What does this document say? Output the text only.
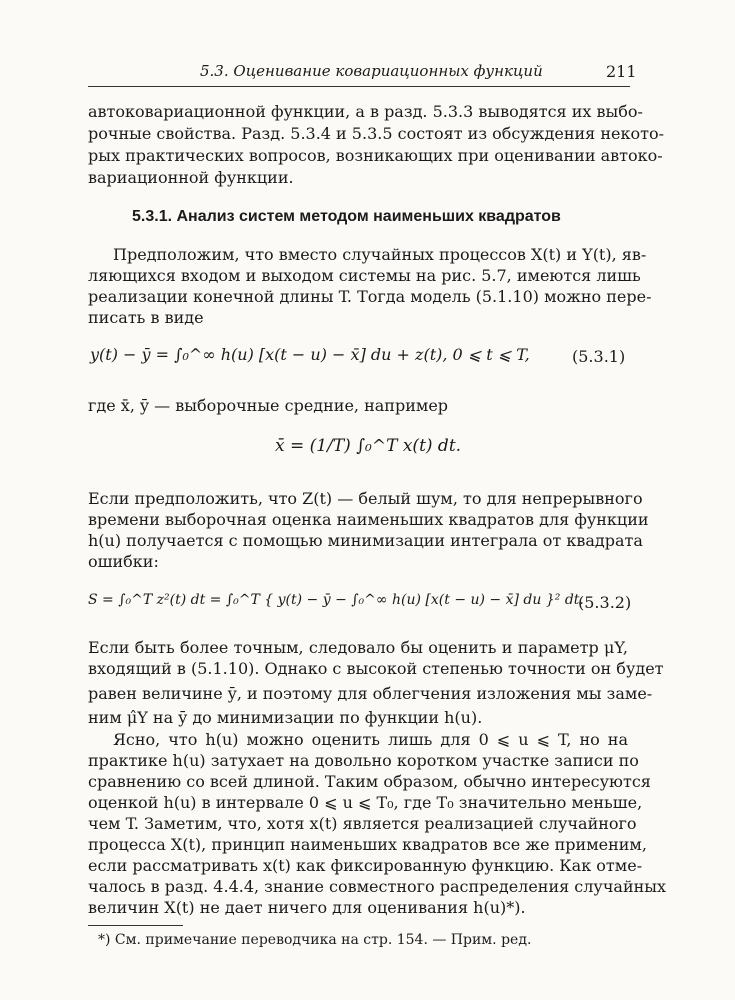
5.3. Оценивание ковариационных функций	211
автоковариационной функции, а в разд. 5.3.3 выводятся их выбо-
рочные свойства. Разд. 5.3.4 и 5.3.5 состоят из обсуждения некото-
рых практических вопросов, возникающих при оценивании автоко-
вариационной функции.
5.3.1. Анализ систем методом наименьших квадратов
Предположим, что вместо случайных процессов X(t) и Y(t), яв-
ляющихся входом и выходом системы на рис. 5.7, имеются лишь
реализации конечной длины T. Тогда модель (5.1.10) можно пере-
писать в виде
y(t) − ȳ = ∫₀^∞ h(u) [x(t − u) − x̄] du + z(t), 0 ⩽ t ⩽ T,	(5.3.1)
где x̄, ȳ — выборочные средние, например
x̄ = (1/T) ∫₀^T x(t) dt.
Если предположить, что Z(t) — белый шум, то для непрерывного
времени выборочная оценка наименьших квадратов для функции
h(u) получается с помощью минимизации интеграла от квадрата
ошибки:
S = ∫₀^T z²(t) dt = ∫₀^T { y(t) − ȳ − ∫₀^∞ h(u) [x(t − u) − x̄] du }² dt.
(5.3.2)
Если быть более точным, следовало бы оценить и параметр μY,
входящий в (5.1.10). Однако с высокой степенью точности он будет
равен величине ȳ, и поэтому для облегчения изложения мы заме-
ним μ̂Y на ȳ до минимизации по функции h(u).
Ясно, что h(u) можно оценить лишь для 0 ⩽ u ⩽ T, но на
практике h(u) затухает на довольно коротком участке записи по
сравнению со всей длиной. Таким образом, обычно интересуются
оценкой h(u) в интервале 0 ⩽ u ⩽ T₀, где T₀ значительно меньше,
чем T. Заметим, что, хотя x(t) является реализацией случайного
процесса X(t), принцип наименьших квадратов все же применим,
если рассматривать x(t) как фиксированную функцию. Как отме-
чалось в разд. 4.4.4, знание совместного распределения случайных
величин X(t) не дает ничего для оценивания h(u)*).
*) См. примечание переводчика на стр. 154. — Прим. ред.
